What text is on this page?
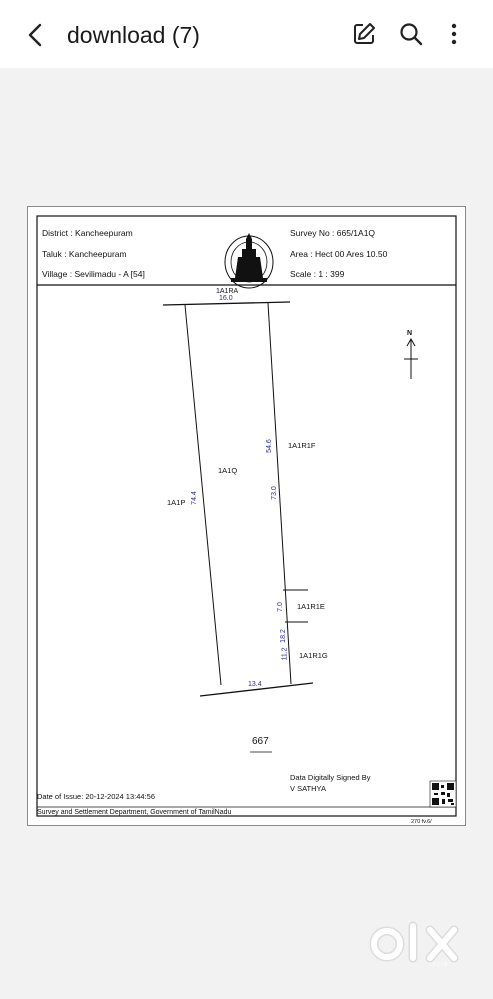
download (7)
District : Kancheepuram
Taluk : Kancheepuram
Village : Sevilimadu - A [54]
Survey No : 665/1A1Q
Area : Hect 00 Ares 10.50
Scale : 1 : 399
1A1RA
16.0
1A1Q
1A1P 74.4
1A1R1F
54.6
73.0
1A1R1E
7.0
18.2
11.2 1A1R1G
13.4
667
N
Data Digitally Signed By
V SATHYA
Date of Issue: 20-12-2024 13:44:56
Survey and Settlement Department, Government of TamilNadu
270 fv.6/
INDIA
